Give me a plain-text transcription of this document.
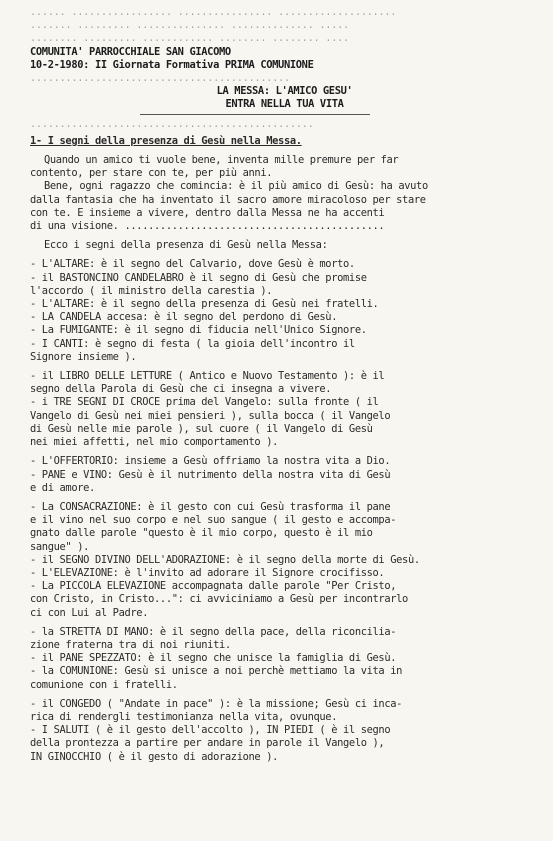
...... ................. ................ ....................
....... ......... ............... .............. .....
........ ......... ............ ........ ........ ....
COMUNITA' PARROCCHIALE SAN GIACOMO
10-2-1980: II Giornata Formativa PRIMA COMUNIONE
............................................
LA MESSA: L'AMICO GESU'
ENTRA NELLA TUA VITA
................................................
1- I segni della presenza di Gesù nella Messa.
Quando un amico ti vuole bene, inventa mille premure per far
contento, per stare con te, per più anni.
Bene, ogni ragazzo che comincia: è il più amico di Gesù: ha avuto
dalla fantasia che ha inventato il sacro amore miracoloso per stare
con te. E insieme a vivere, dentro dalla Messa ne ha accenti
di una visione. ............................................
Ecco i segni della presenza di Gesù nella Messa:
- L'ALTARE: è il segno del Calvario, dove Gesù è morto.
- il BASTONCINO CANDELABRO è il segno di Gesù che promise
l'accordo ( il ministro della carestia ).
- L'ALTARE: è il segno della presenza di Gesù nei fratelli.
- LA CANDELA accesa: è il segno del perdono di Gesù.
- La FUMIGANTE: è il segno di fiducia nell'Unico Signore.
- I CANTI: è segno di festa ( la gioia dell'incontro il
Signore insieme ).
- il LIBRO DELLE LETTURE ( Antico e Nuovo Testamento ): è il
segno della Parola di Gesù che ci insegna a vivere.
- i TRE SEGNI DI CROCE prima del Vangelo: sulla fronte ( il
Vangelo di Gesù nei miei pensieri ), sulla bocca ( il Vangelo
di Gesù nelle mie parole ), sul cuore ( il Vangelo di Gesù
nei miei affetti, nel mio comportamento ).
- L'OFFERTORIO: insieme a Gesù offriamo la nostra vita a Dio.
- PANE e VINO: Gesù è il nutrimento della nostra vita di Gesù
e di amore.
- La CONSACRAZIONE: è il gesto con cui Gesù trasforma il pane
e il vino nel suo corpo e nel suo sangue ( il gesto e accompa-
gnato dalle parole "questo è il mio corpo, questo è il mio
sangue" ).
- il SEGNO DIVINO DELL'ADORAZIONE: è il segno della morte di Gesù.
- L'ELEVAZIONE: è l'invito ad adorare il Signore crocifisso.
- La PICCOLA ELEVAZIONE accompagnata dalle parole "Per Cristo,
con Cristo, in Cristo...": ci avviciniamo a Gesù per incontrarlo
ci con Lui al Padre.
- la STRETTA DI MANO: è il segno della pace, della riconcilia-
zione fraterna tra di noi riuniti.
- il PANE SPEZZATO: è il segno che unisce la famiglia di Gesù.
- la COMUNIONE: Gesù si unisce a noi perchè mettiamo la vita in
comunione con i fratelli.
- il CONGEDO ( "Andate in pace" ): è la missione; Gesù ci inca-
rica di rendergli testimonianza nella vita, ovunque.
- I SALUTI ( è il gesto dell'accolto ), IN PIEDI ( è il segno
della prontezza a partire per andare in parole il Vangelo ),
IN GINOCCHIO ( è il gesto di adorazione ).
